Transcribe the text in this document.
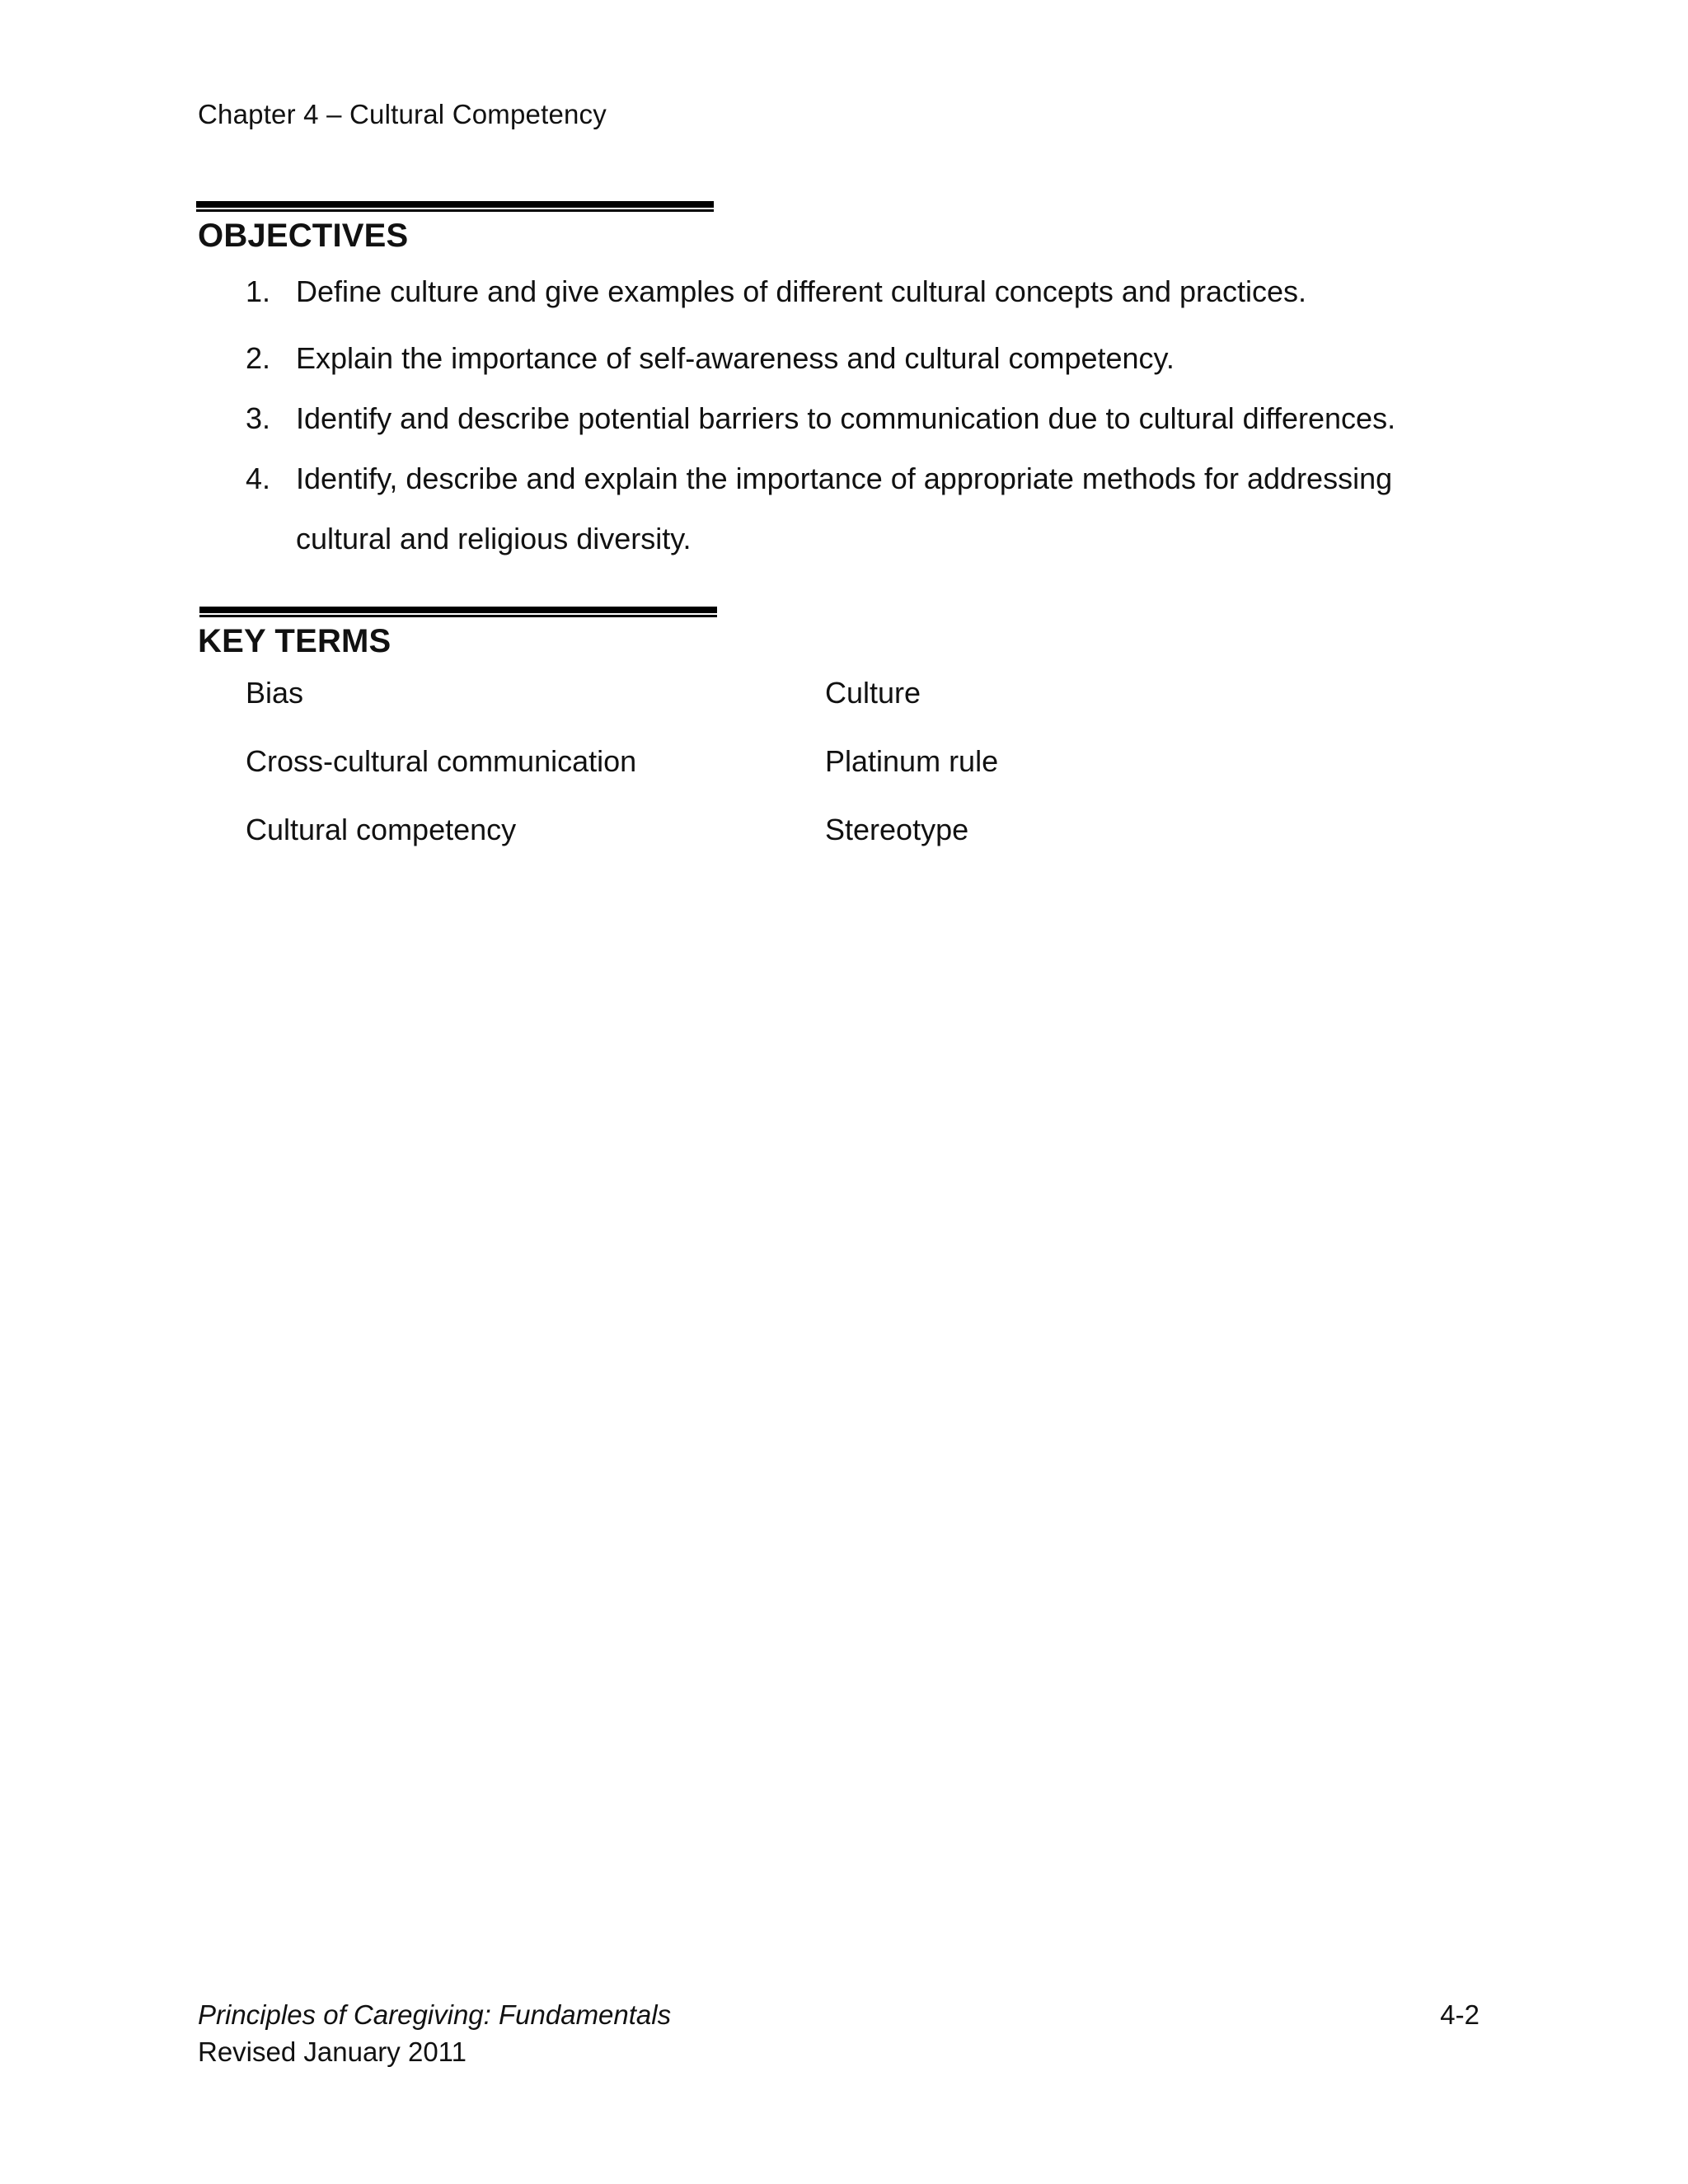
Chapter 4 – Cultural Competency
OBJECTIVES
1. Define culture and give examples of different cultural concepts and practices.
2. Explain the importance of self-awareness and cultural competency.
3. Identify and describe potential barriers to communication due to cultural differences.
4. Identify, describe and explain the importance of appropriate methods for addressing
cultural and religious diversity.
KEY TERMS
Bias	Culture
Cross-cultural communication	Platinum rule
Cultural competency	Stereotype
Principles of Caregiving: Fundamentals
Revised January 2011
4-2
